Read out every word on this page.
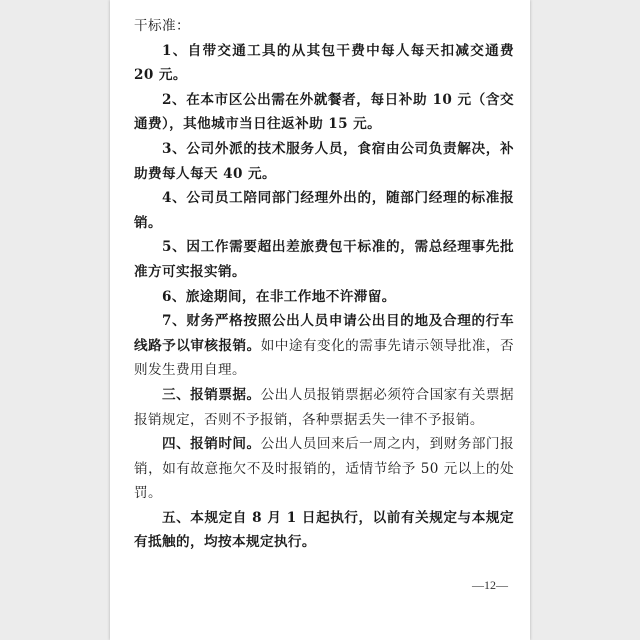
干标准：

1、自带交通工具的从其包干费中每人每天扣减交通费 20 元。

2、在本市区公出需在外就餐者，每日补助 10 元（含交通费），其他城市当日往返补助 15 元。

3、公司外派的技术服务人员，食宿由公司负责解决，补助费每人每天 40 元。

4、公司员工陪同部门经理外出的，随部门经理的标准报销。

5、因工作需要超出差旅费包干标准的，需总经理事先批准方可实报实销。

6、旅途期间，在非工作地不许滞留。

7、财务严格按照公出人员申请公出目的地及合理的行车线路予以审核报销。如中途有变化的需事先请示领导批准，否则发生费用自理。

三、报销票据。公出人员报销票据必须符合国家有关票据报销规定，否则不予报销，各种票据丢失一律不予报销。

四、报销时间。公出人员回来后一周之内，到财务部门报销，如有故意拖欠不及时报销的，适情节给予 50 元以上的处罚。

五、本规定自 8 月 1 日起执行，以前有关规定与本规定有抵触的，均按本规定执行。

—12—
